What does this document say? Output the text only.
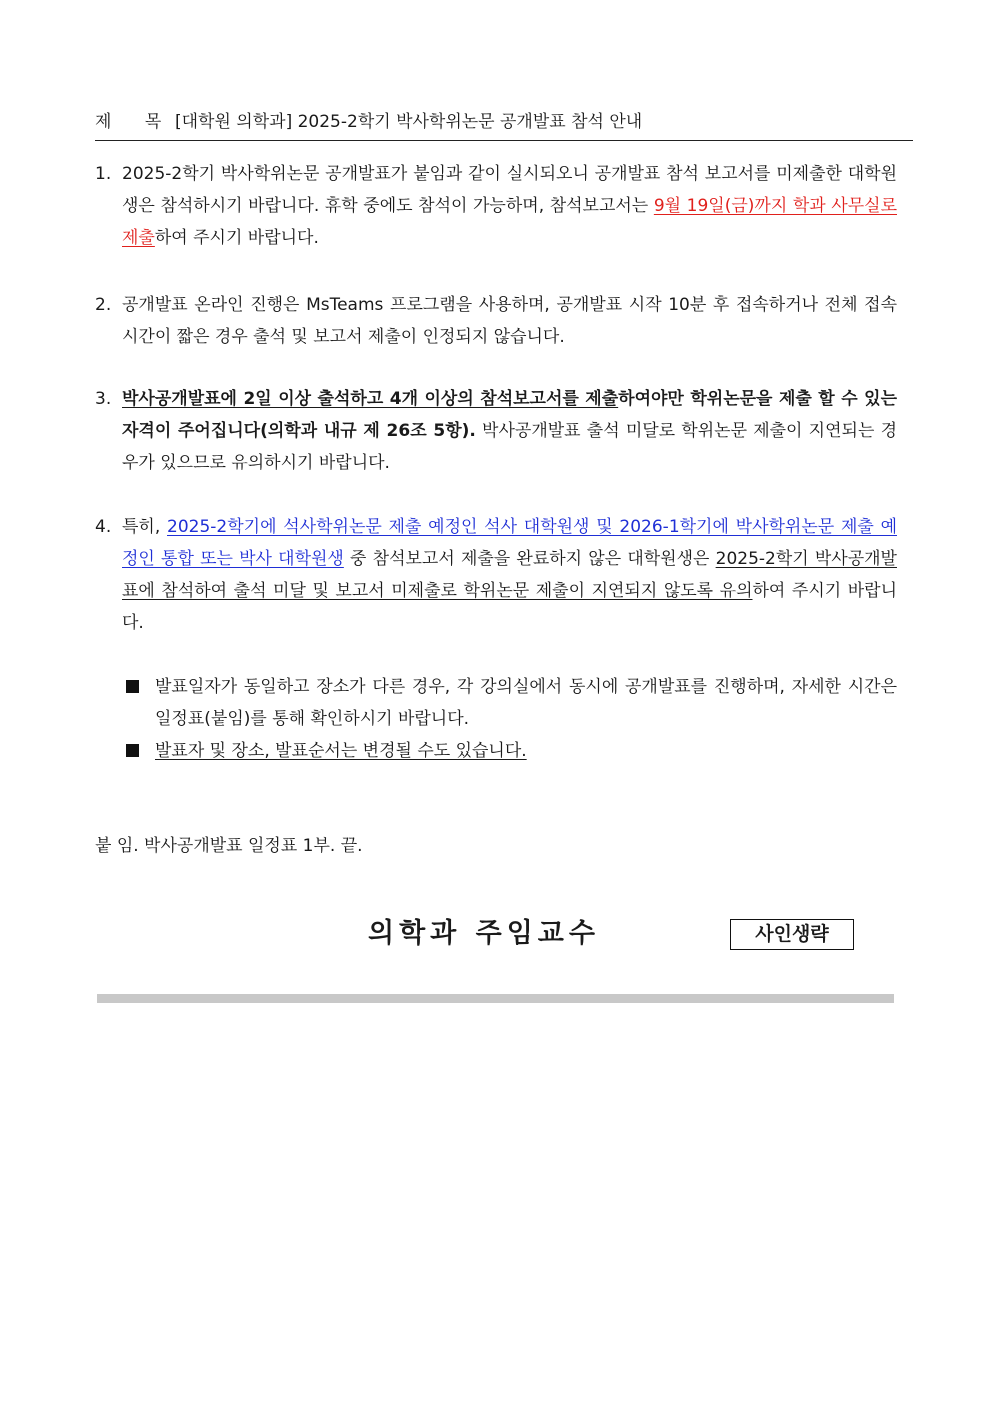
제 목[대학원 의학과] 2025-2학기 박사학위논문 공개발표 참석 안내
1. 2025-2학기 박사학위논문 공개발표가 붙임과 같이 실시되오니 공개발표 참석 보고서를 미제출한 대학원생은 참석하시기 바랍니다. 휴학 중에도 참석이 가능하며, 참석보고서는 9월 19일(금)까지 학과 사무실로 제출하여 주시기 바랍니다.
2. 공개발표 온라인 진행은 MsTeams 프로그램을 사용하며, 공개발표 시작 10분 후 접속하거나 전체 접속 시간이 짧은 경우 출석 및 보고서 제출이 인정되지 않습니다.
3. 박사공개발표에 2일 이상 출석하고 4개 이상의 참석보고서를 제출하여야만 학위논문을 제출 할 수 있는 자격이 주어집니다(의학과 내규 제 26조 5항). 박사공개발표 출석 미달로 학위논문 제출이 지연되는 경우가 있으므로 유의하시기 바랍니다.
4. 특히, 2025-2학기에 석사학위논문 제출 예정인 석사 대학원생 및 2026-1학기에 박사학위논문 제출 예정인 통합 또는 박사 대학원생 중 참석보고서 제출을 완료하지 않은 대학원생은 2025-2학기 박사공개발표에 참석하여 출석 미달 및 보고서 미제출로 학위논문 제출이 지연되지 않도록 유의하여 주시기 바랍니다.
발표일자가 동일하고 장소가 다른 경우, 각 강의실에서 동시에 공개발표를 진행하며, 자세한 시간은 일정표(붙임)를 통해 확인하시기 바랍니다.
발표자 및 장소, 발표순서는 변경될 수도 있습니다.
붙 임. 박사공개발표 일정표 1부. 끝.
의학과 주임교수	사인생략
